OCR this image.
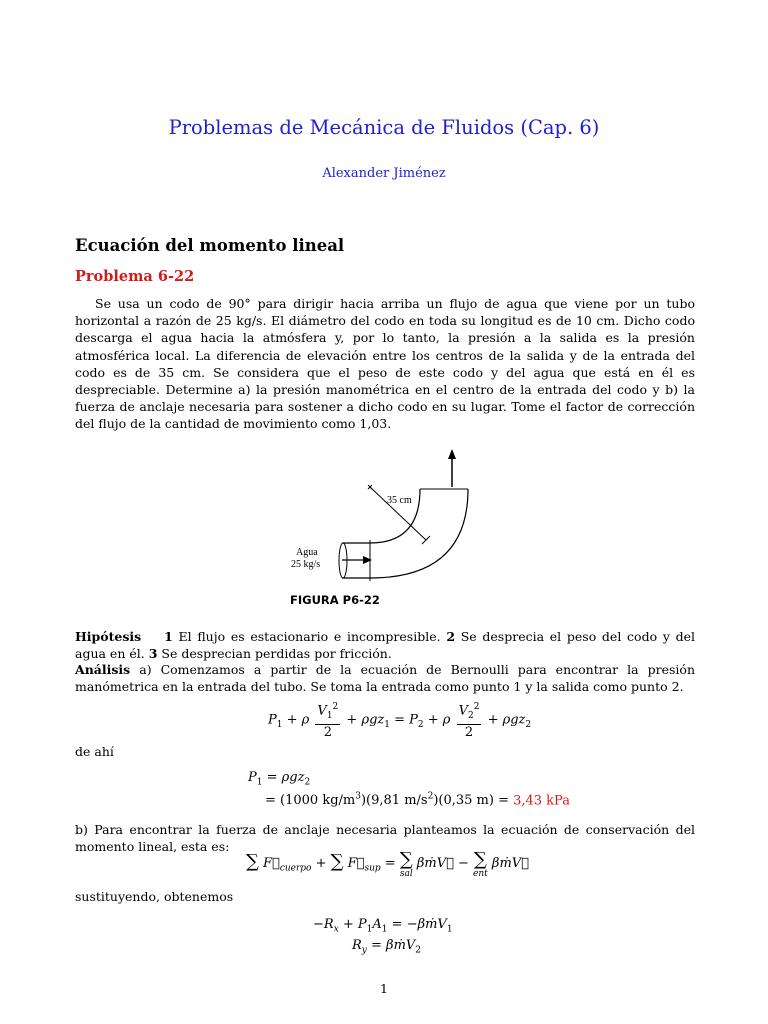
Problemas de Mecánica de Fluidos (Cap. 6)
Alexander Jiménez
Ecuación del momento lineal
Problema 6-22
Se usa un codo de 90° para dirigir hacia arriba un flujo de agua que viene por un tubo horizontal a razón de 25 kg/s. El diámetro del codo en toda su longitud es de 10 cm. Dicho codo descarga el agua hacia la atmósfera y, por lo tanto, la presión a la salida es la presión atmosférica local. La diferencia de elevación entre los centros de la salida y de la entrada del codo es de 35 cm. Se considera que el peso de este codo y del agua que está en él es despreciable. Determine a) la presión manométrica en el centro de la entrada del codo y b) la fuerza de anclaje necesaria para sostener a dicho codo en su lugar. Tome el factor de corrección del flujo de la cantidad de movimiento como 1,03.
35 cm
Agua
25 kg/s
FIGURA P6-22
Hipótesis 1 El flujo es estacionario e incompresible. 2 Se desprecia el peso del codo y del agua en él. 3 Se desprecian perdidas por fricción.
Análisis a) Comenzamos a partir de la ecuación de Bernoulli para encontrar la presión manómetrica en la entrada del tubo. Se toma la entrada como punto 1 y la salida como punto 2.
$P_1 + \rho \frac{V_1^2}{2} + \rho gz_1 = P_2 + \rho \frac{V_2^2}{2} + \rho gz_2$
de ahí
$P_1 = \rho gz_2$
= (1000 $kg/m^3)(9,81$ $m/s^2)(0,35$ m) = 3,43 kPa
b) Para encontrar la fuerza de anclaje necesaria planteamos la ecuación de conservación del momento lineal, esta es:
∑ $F⃗_{cuerpo}$ + ∑ $F⃗_{sup}$ = ∑
sal
βṁV⃗ − ∑
ent
βṁV⃗
sustituyendo, obtenemos
$-R_x + P_1A_1$ = −βṁV$_1$
$R_y$ = βṁV$_2$
1
